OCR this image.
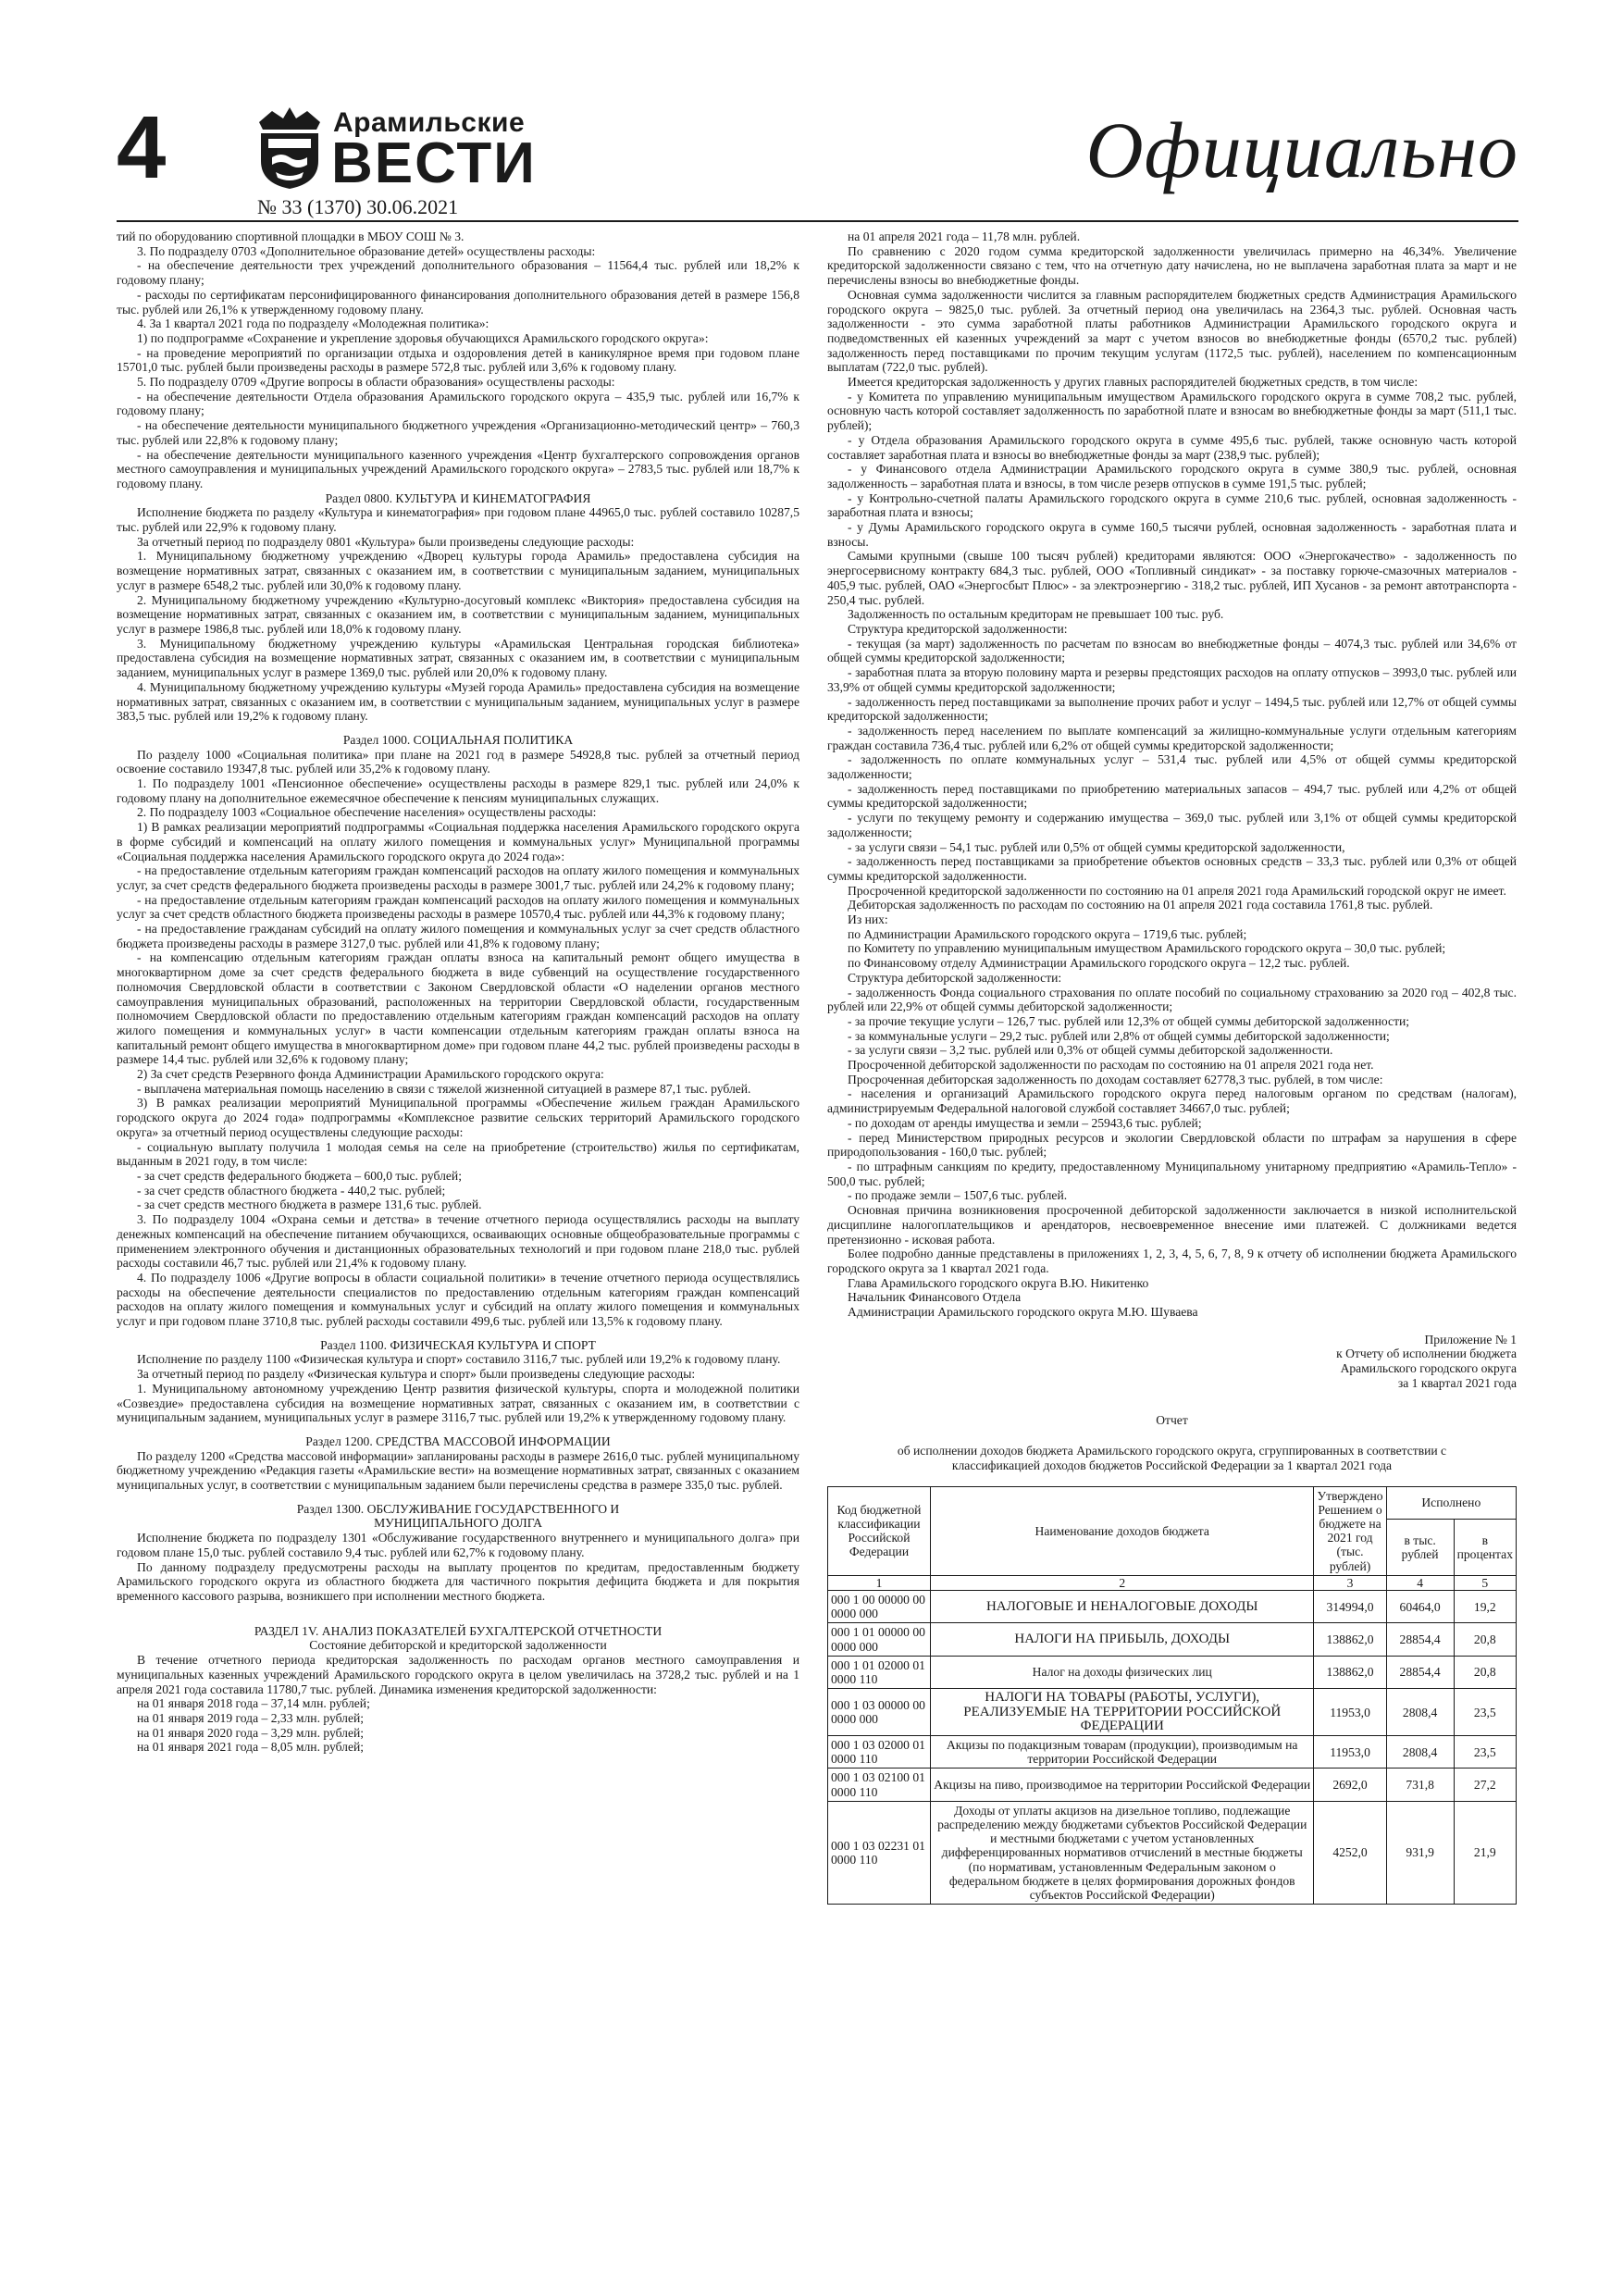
4	Арамильские
ВЕСТИ
№ 33 (1370) 30.06.2021
Официально

тий по оборудованию спортивной площадки в МБОУ СОШ № 3.

3. По подразделу 0703 «Дополнительное образование детей» осуществлены расходы:

- на обеспечение деятельности трех учреждений дополнительного образования – 11564,4 тыс. рублей или 18,2% к годовому плану;

- расходы по сертификатам персонифицированного финансирования дополнительного образования детей в размере 156,8 тыс. рублей или 26,1% к утвержденному годовому плану.

4. За 1 квартал 2021 года по подразделу «Молодежная политика»:

1) по подпрограмме «Сохранение и укрепление здоровья обучающихся Арамильского городского округа»:

- на проведение мероприятий по организации отдыха и оздоровления детей в каникулярное время при годовом плане 15701,0 тыс. рублей были произведены расходы в размере 572,8 тыс. рублей или 3,6% к годовому плану.

5. По подразделу 0709 «Другие вопросы в области образования» осуществлены расходы:

- на обеспечение деятельности Отдела образования Арамильского городского округа – 435,9 тыс. рублей или 16,7% к годовому плану;

- на обеспечение деятельности муниципального бюджетного учреждения «Организационно-методический центр» – 760,3 тыс. рублей или 22,8% к годовому плану;

- на обеспечение деятельности муниципального казенного учреждения «Центр бухгалтерского сопровождения органов местного самоуправления и муниципальных учреждений Арамильского городского округа» – 2783,5 тыс. рублей или 18,7% к годовому плану.

Раздел 0800. КУЛЬТУРА И КИНЕМАТОГРАФИЯ

Исполнение бюджета по разделу «Культура и кинематография» при годовом плане 44965,0 тыс. рублей составило 10287,5 тыс. рублей или 22,9% к годовому плану.

За отчетный период по подразделу 0801 «Культура» были произведены следующие расходы:

1. Муниципальному бюджетному учреждению «Дворец культуры города Арамиль» предоставлена субсидия на возмещение нормативных затрат, связанных с оказанием им, в соответствии с муниципальным заданием, муниципальных услуг в размере 6548,2 тыс. рублей или 30,0% к годовому плану.

2. Муниципальному бюджетному учреждению «Культурно-досуговый комплекс «Виктория» предоставлена субсидия на возмещение нормативных затрат, связанных с оказанием им, в соответствии с муниципальным заданием, муниципальных услуг в размере 1986,8 тыс. рублей или 18,0% к годовому плану.

3. Муниципальному бюджетному учреждению культуры «Арамильская Центральная городская библиотека» предоставлена субсидия на возмещение нормативных затрат, связанных с оказанием им, в соответствии с муниципальным заданием, муниципальных услуг в размере 1369,0 тыс. рублей или 20,0% к годовому плану.

4. Муниципальному бюджетному учреждению культуры «Музей города Арамиль» предоставлена субсидия на возмещение нормативных затрат, связанных с оказанием им, в соответствии с муниципальным заданием, муниципальных услуг в размере 383,5 тыс. рублей или 19,2% к годовому плану.

Раздел 1000. СОЦИАЛЬНАЯ ПОЛИТИКА

По разделу 1000 «Социальная политика» при плане на 2021 год в размере 54928,8 тыс. рублей за отчетный период освоение составило 19347,8 тыс. рублей или 35,2% к годовому плану.

1. По подразделу 1001 «Пенсионное обеспечение» осуществлены расходы в размере 829,1 тыс. рублей или 24,0% к годовому плану на дополнительное ежемесячное обеспечение к пенсиям муниципальных служащих.

2. По подразделу 1003 «Социальное обеспечение населения» осуществлены расходы:

1) В рамках реализации мероприятий подпрограммы «Социальная поддержка населения Арамильского городского округа в форме субсидий и компенсаций на оплату жилого помещения и коммунальных услуг» Муниципальной программы «Социальная поддержка населения Арамильского городского округа до 2024 года»:

- на предоставление отдельным категориям граждан компенсаций расходов на оплату жилого помещения и коммунальных услуг, за счет средств федерального бюджета произведены расходы в размере 3001,7 тыс. рублей или 24,2% к годовому плану;

- на предоставление отдельным категориям граждан компенсаций расходов на оплату жилого помещения и коммунальных услуг за счет средств областного бюджета произведены расходы в размере 10570,4 тыс. рублей или 44,3% к годовому плану;

- на предоставление гражданам субсидий на оплату жилого помещения и коммунальных услуг за счет средств областного бюджета произведены расходы в размере 3127,0 тыс. рублей или 41,8% к годовому плану;

- на компенсацию отдельным категориям граждан оплаты взноса на капитальный ремонт общего имущества в многоквартирном доме за счет средств федерального бюджета в виде субвенций на осуществление государственного полномочия Свердловской области в соответствии с Законом Свердловской области «О наделении органов местного самоуправления муниципальных образований, расположенных на территории Свердловской области, государственным полномочием Свердловской области по предоставлению отдельным категориям граждан компенсаций расходов на оплату жилого помещения и коммунальных услуг» в части компенсации отдельным категориям граждан оплаты взноса на капитальный ремонт общего имущества в многоквартирном доме» при годовом плане 44,2 тыс. рублей произведены расходы в размере 14,4 тыс. рублей или 32,6% к годовому плану;

2) За счет средств Резервного фонда Администрации Арамильского городского округа:

- выплачена материальная помощь населению в связи с тяжелой жизненной ситуацией в размере 87,1 тыс. рублей.

3) В рамках реализации мероприятий Муниципальной программы «Обеспечение жильем граждан Арамильского городского округа до 2024 года» подпрограммы «Комплексное развитие сельских территорий Арамильского городского округа» за отчетный период осуществлены следующие расходы:

- социальную выплату получила 1 молодая семья на селе на приобретение (строительство) жилья по сертификатам, выданным в 2021 году, в том числе:

- за счет средств федерального бюджета – 600,0 тыс. рублей;

- за счет средств областного бюджета - 440,2 тыс. рублей;

- за счет средств местного бюджета в размере 131,6 тыс. рублей.

3. По подразделу 1004 «Охрана семьи и детства» в течение отчетного периода осуществлялись расходы на выплату денежных компенсаций на обеспечение питанием обучающихся, осваивающих основные общеобразовательные программы с применением электронного обучения и дистанционных образовательных технологий и при годовом плане 218,0 тыс. рублей расходы составили 46,7 тыс. рублей или 21,4% к годовому плану.

4. По подразделу 1006 «Другие вопросы в области социальной политики» в течение отчетного периода осуществлялись расходы на обеспечение деятельности специалистов по предоставлению отдельным категориям граждан компенсаций расходов на оплату жилого помещения и коммунальных услуг и субсидий на оплату жилого помещения и коммунальных услуг и при годовом плане 3710,8 тыс. рублей расходы составили 499,6 тыс. рублей или 13,5% к годовому плану.

Раздел 1100. ФИЗИЧЕСКАЯ КУЛЬТУРА И СПОРТ

Исполнение по разделу 1100 «Физическая культура и спорт» составило 3116,7 тыс. рублей или 19,2% к годовому плану.

За отчетный период по разделу «Физическая культура и спорт» были произведены следующие расходы:

1. Муниципальному автономному учреждению Центр развития физической культуры, спорта и молодежной политики «Созвездие» предоставлена субсидия на возмещение нормативных затрат, связанных с оказанием им, в соответствии с муниципальным заданием, муниципальных услуг в размере 3116,7 тыс. рублей или 19,2% к утвержденному годовому плану.

Раздел 1200. СРЕДСТВА МАССОВОЙ ИНФОРМАЦИИ

По разделу 1200 «Средства массовой информации» запланированы расходы в размере 2616,0 тыс. рублей муниципальному бюджетному учреждению «Редакция газеты «Арамильские вести» на возмещение нормативных затрат, связанных с оказанием муниципальных услуг, в соответствии с муниципальным заданием были перечислены средства в размере 335,0 тыс. рублей.

Раздел 1300. ОБСЛУЖИВАНИЕ ГОСУДАРСТВЕННОГО И
МУНИЦИПАЛЬНОГО ДОЛГА

Исполнение бюджета по подразделу 1301 «Обслуживание государственного внутреннего и муниципального долга» при годовом плане 15,0 тыс. рублей составило 9,4 тыс. рублей или 62,7% к годовому плану.

По данному подразделу предусмотрены расходы на выплату процентов по кредитам, предоставленным бюджету Арамильского городского округа из областного бюджета для частичного покрытия дефицита бюджета и для покрытия временного кассового разрыва, возникшего при исполнении местного бюджета.

РАЗДЕЛ 1V. АНАЛИЗ ПОКАЗАТЕЛЕЙ БУХГАЛТЕРСКОЙ ОТЧЕТНОСТИ
Состояние дебиторской и кредиторской задолженности

В течение отчетного периода кредиторская задолженность по расходам органов местного самоуправления и муниципальных казенных учреждений Арамильского городского округа в целом увеличилась на 3728,2 тыс. рублей и на 1 апреля 2021 года составила 11780,7 тыс. рублей. Динамика изменения кредиторской задолженности:

на 01 января 2018 года – 37,14 млн. рублей;

на 01 января 2019 года – 2,33 млн. рублей;

на 01 января 2020 года – 3,29 млн. рублей;

на 01 января 2021 года – 8,05 млн. рублей;

на 01 апреля 2021 года – 11,78 млн. рублей.

По сравнению с 2020 годом сумма кредиторской задолженности увеличилась примерно на 46,34%. Увеличение кредиторской задолженности связано с тем, что на отчетную дату начислена, но не выплачена заработная плата за март и не перечислены взносы во внебюджетные фонды.

Основная сумма задолженности числится за главным распорядителем бюджетных средств Администрация Арамильского городского округа – 9825,0 тыс. рублей. За отчетный период она увеличилась на 2364,3 тыс. рублей. Основная часть задолженности - это сумма заработной платы работников Администрации Арамильского городского округа и подведомственных ей казенных учреждений за март с учетом взносов во внебюджетные фонды (6570,2 тыс. рублей) задолженность перед поставщиками по прочим текущим услугам (1172,5 тыс. рублей), населением по компенсационным выплатам (722,0 тыс. рублей).

Имеется кредиторская задолженность у других главных распорядителей бюджетных средств, в том числе:

- у Комитета по управлению муниципальным имуществом Арамильского городского округа в сумме 708,2 тыс. рублей, основную часть которой составляет задолженность по заработной плате и взносам во внебюджетные фонды за март (511,1 тыс. рублей);

- у Отдела образования Арамильского городского округа в сумме 495,6 тыс. рублей, также основную часть которой составляет заработная плата и взносы во внебюджетные фонды за март (238,9 тыс. рублей);

- у Финансового отдела Администрации Арамильского городского округа в сумме 380,9 тыс. рублей, основная задолженность – заработная плата и взносы, в том числе резерв отпусков в сумме 191,5 тыс. рублей;

- у Контрольно-счетной палаты Арамильского городского округа в сумме 210,6 тыс. рублей, основная задолженность - заработная плата и взносы;

- у Думы Арамильского городского округа в сумме 160,5 тысячи рублей, основная задолженность - заработная плата и взносы.

Самыми крупными (свыше 100 тысяч рублей) кредиторами являются: ООО «Энергокачество» - задолженность по энергосервисному контракту 684,3 тыс. рублей, ООО «Топливный синдикат» - за поставку горюче-смазочных материалов - 405,9 тыс. рублей, ОАО «Энергосбыт Плюс» - за электроэнергию - 318,2 тыс. рублей, ИП Хусанов - за ремонт автотранспорта - 250,4 тыс. рублей.

Задолженность по остальным кредиторам не превышает 100 тыс. руб.

Структура кредиторской задолженности:

- текущая (за март) задолженность по расчетам по взносам во внебюджетные фонды – 4074,3 тыс. рублей или 34,6% от общей суммы кредиторской задолженности;

- заработная плата за вторую половину марта и резервы предстоящих расходов на оплату отпусков – 3993,0 тыс. рублей или 33,9% от общей суммы кредиторской задолженности;

- задолженность перед поставщиками за выполнение прочих работ и услуг – 1494,5 тыс. рублей или 12,7% от общей суммы кредиторской задолженности;

- задолженность перед населением по выплате компенсаций за жилищно-коммунальные услуги отдельным категориям граждан составила 736,4 тыс. рублей или 6,2% от общей суммы кредиторской задолженности;

- задолженность по оплате коммунальных услуг – 531,4 тыс. рублей или 4,5% от общей суммы кредиторской задолженности;

- задолженность перед поставщиками по приобретению материальных запасов – 494,7 тыс. рублей или 4,2% от общей суммы кредиторской задолженности;

- услуги по текущему ремонту и содержанию имущества – 369,0 тыс. рублей или 3,1% от общей суммы кредиторской задолженности;

- за услуги связи – 54,1 тыс. рублей или 0,5% от общей суммы кредиторской задолженности,

- задолженность перед поставщиками за приобретение объектов основных средств – 33,3 тыс. рублей или 0,3% от общей суммы кредиторской задолженности.

Просроченной кредиторской задолженности по состоянию на 01 апреля 2021 года Арамильский городской округ не имеет.

Дебиторская задолженность по расходам по состоянию на 01 апреля 2021 года составила 1761,8 тыс. рублей.

Из них:

по Администрации Арамильского городского округа – 1719,6 тыс. рублей;

по Комитету по управлению муниципальным имуществом Арамильского городского округа – 30,0 тыс. рублей;

по Финансовому отделу Администрации Арамильского городского округа – 12,2 тыс. рублей.

Структура дебиторской задолженности:

- задолженность Фонда социального страхования по оплате пособий по социальному страхованию за 2020 год – 402,8 тыс. рублей или 22,9% от общей суммы дебиторской задолженности;

- за прочие текущие услуги – 126,7 тыс. рублей или 12,3% от общей суммы дебиторской задолженности;

- за коммунальные услуги – 29,2 тыс. рублей или 2,8% от общей суммы дебиторской задолженности;

- за услуги связи – 3,2 тыс. рублей или 0,3% от общей суммы дебиторской задолженности.

Просроченной дебиторской задолженности по расходам по состоянию на 01 апреля 2021 года нет.

Просроченная дебиторская задолженность по доходам составляет 62778,3 тыс. рублей, в том числе:

- населения и организаций Арамильского городского округа перед налоговым органом по средствам (налогам), администрируемым Федеральной налоговой службой составляет 34667,0 тыс. рублей;

- по доходам от аренды имущества и земли – 25943,6 тыс. рублей;

- перед Министерством природных ресурсов и экологии Свердловской области по штрафам за нарушения в сфере природопользования - 160,0 тыс. рублей;

- по штрафным санкциям по кредиту, предоставленному Муниципальному унитарному предприятию «Арамиль-Тепло» - 500,0 тыс. рублей;

- по продаже земли – 1507,6 тыс. рублей.

Основная причина возникновения просроченной дебиторской задолженности заключается в низкой исполнительской дисциплине налогоплательщиков и арендаторов, несвоевременное внесение ими платежей. С должниками ведется претензионно - исковая работа.

Более подробно данные представлены в приложениях 1, 2, 3, 4, 5, 6, 7, 8, 9 к отчету об исполнении бюджета Арамильского городского округа за 1 квартал 2021 года.

Глава Арамильского городского округа В.Ю. Никитенко

Начальник Финансового Отдела

Администрации Арамильского городского округа М.Ю. Шуваева

Приложение № 1
к Отчету об исполнении бюджета
Арамильского городского округа
за 1 квартал 2021 года
Отчет
об исполнении доходов бюджета Арамильского городского округа, сгруппированных в соответствии с
классификацией доходов бюджетов Российской Федерации за 1 квартал 2021 года
Код бюджетной классификации Российской Федерации	Наименование доходов бюджета	Утверждено Решением о бюджете на 2021 год (тыс. рублей)	Исполнено	
			в тыс. рублей	в процентах
1	2	3	4	5
000 1 00 00000 00 0000 000	НАЛОГОВЫЕ И НЕНАЛОГОВЫЕ ДОХОДЫ	314994,0	60464,0	19,2
000 1 01 00000 00 0000 000	НАЛОГИ НА ПРИБЫЛЬ, ДОХОДЫ	138862,0	28854,4	20,8
000 1 01 02000 01 0000 110	Налог на доходы физических лиц	138862,0	28854,4	20,8
000 1 03 00000 00 0000 000	НАЛОГИ НА ТОВАРЫ (РАБОТЫ, УСЛУГИ), РЕАЛИЗУЕМЫЕ НА ТЕРРИТОРИИ РОССИЙСКОЙ ФЕДЕРАЦИИ	11953,0	2808,4	23,5
000 1 03 02000 01 0000 110	Акцизы по подакцизным товарам (продукции), производимым на территории Российской Федерации	11953,0	2808,4	23,5
000 1 03 02100 01 0000 110	Акцизы на пиво, производимое на территории Российской Федерации	2692,0	731,8	27,2
000 1 03 02231 01 0000 110	Доходы от уплаты акцизов на дизельное топливо, подлежащие распределению между бюджетами субъектов Российской Федерации и местными бюджетами с учетом установленных дифференцированных нормативов отчислений в местные бюджеты (по нормативам, установленным Федеральным законом о федеральном бюджете в целях формирования дорожных фондов субъектов Российской Федерации)	4252,0	931,9	21,9
